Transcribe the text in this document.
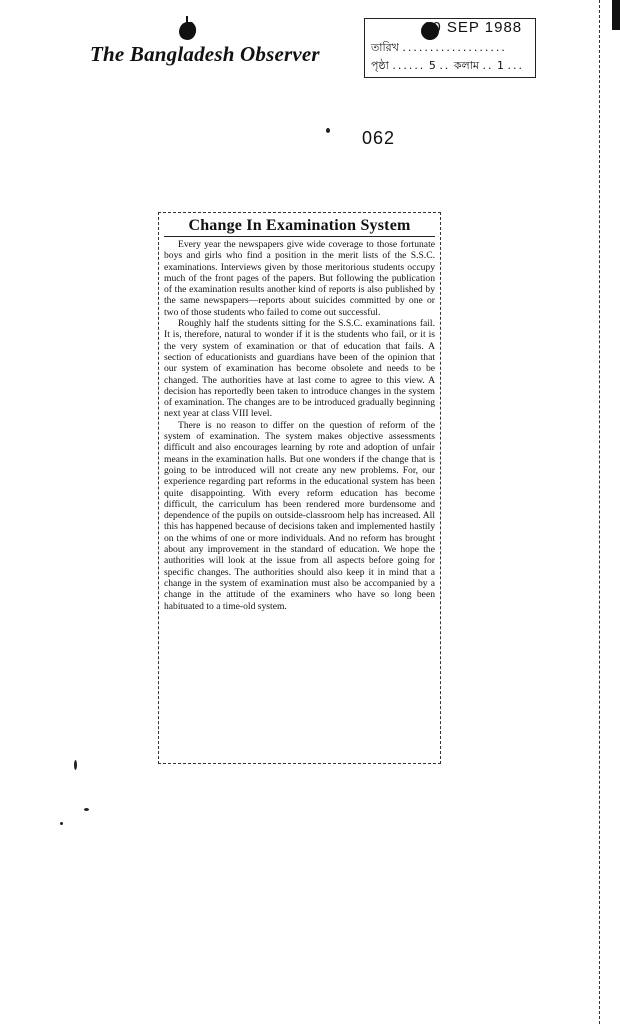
The Bangladesh Observer
10 SEP 1988
তারিখ ...................
পৃষ্ঠা ...... 5 .. কলাম .. 1 ...
062
Change In Examination System

Every year the newspapers give wide coverage to those fortunate boys and girls who find a position in the merit lists of the S.S.C. examinations. Interviews given by those meritorious students occupy much of the front pages of the papers. But following the publication of the examination results another kind of reports is also published by the same newspapers—reports about suicides committed by one or two of those students who failed to come out successful.

Roughly half the students sitting for the S.S.C. examinations fail. It is, therefore, natural to wonder if it is the students who fail, or it is the very system of examination or that of education that fails. A section of educationists and guardians have been of the opinion that our system of examination has become obsolete and needs to be changed. The authorities have at last come to agree to this view. A decision has reportedly been taken to introduce changes in the system of examination. The changes are to be introduced gradually beginning next year at class VIII level.

There is no reason to differ on the question of reform of the system of examination. The system makes objective assessments difficult and also encourages learning by rote and adoption of unfair means in the examination halls. But one wonders if the change that is going to be introduced will not create any new problems. For, our experience regarding part reforms in the educational system has been quite disappointing. With every reform education has become difficult, the carriculum has been rendered more burdensome and dependence of the pupils on outside-classroom help has increased. All this has happened because of decisions taken and implemented hastily on the whims of one or more individuals. And no reform has brought about any improvement in the standard of education. We hope the authorities will look at the issue from all aspects before going for specific changes. The authorities should also keep it in mind that a change in the system of examination must also be accompanied by a change in the attitude of the examiners who have so long been habituated to a time-old system.
